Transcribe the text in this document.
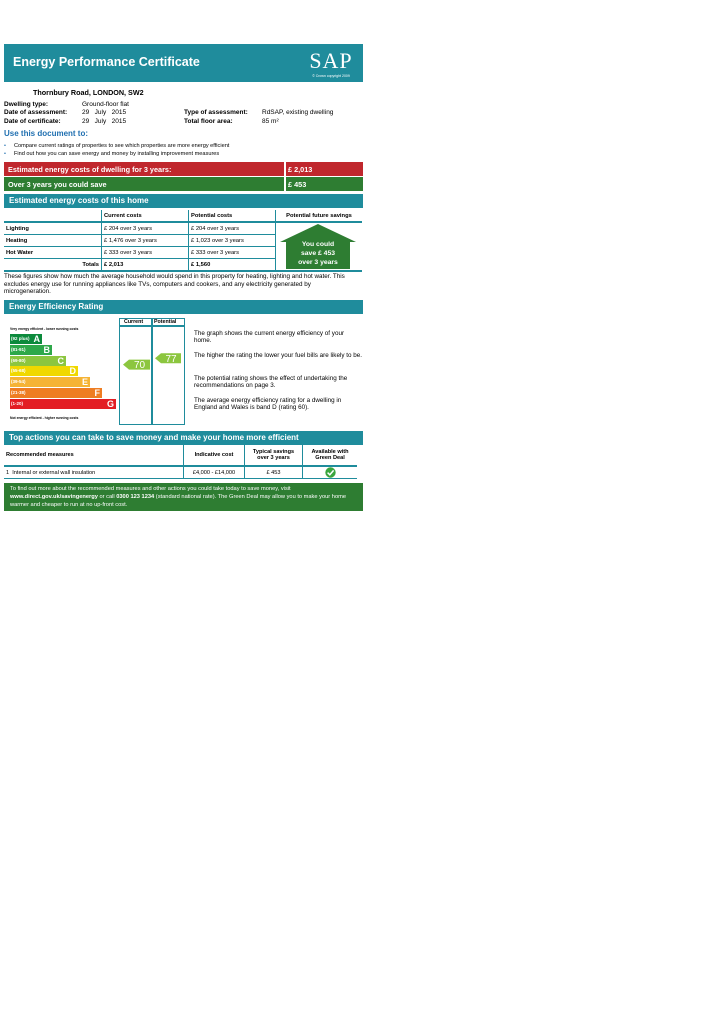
Energy Performance Certificate	SAP
© Crown copyright 2009
Thornbury Road, LONDON, SW2
Dwelling type:	Ground-floor flat
Date of assessment: 29   July   2015
Date of certificate:	29   July   2015
Type of assessment: RdSAP, existing dwelling
Total floor area:	85 m²
Use this document to:
• Compare current ratings of properties to see which properties are more energy efficient
• Find out how you can save energy and money by installing improvement measures
Estimated energy costs of dwelling for 3 years:	£ 2,013
Over 3 years you could save	£ 453
Estimated energy costs of this home
	Current costs	Potential costs	Potential future savings
Lighting	£ 204 over 3 years	£ 204 over 3 years	
Heating	£ 1,476 over 3 years	£ 1,023 over 3 years	
Hot Water	£ 333 over 3 years	£ 333 over 3 years	
Totals	£ 2,013	£ 1,560	
You could
save £ 453
over 3 years
These figures show how much the average household would spend in this property for heating, lighting and hot water. This excludes energy use for running appliances like TVs, computers and cookers, and any electricity generated by microgeneration.
Energy Efficiency Rating
Current Potential
Very energy efficient - lower running costs
(92 plus) A
(81-91) B
(69-80)	C
(55-68)	D
(39-54)	E
(21-38)	F
(1-20)	G
Not energy efficient - higher running costs
70
77
The graph shows the current energy efficiency of your home.
The higher the rating the lower your fuel bills are likely to be.
The potential rating shows the effect of undertaking the recommendations on page 3.
The average energy efficiency rating for a dwelling in England and Wales is band D (rating 60).
Top actions you can take to save money and make your home more efficient
Recommended measures	Indicative cost	Typical savings over 3 years	Available with Green Deal
1 Internal or external wall insulation	£4,000 - £14,000	£ 453	
To find out more about the recommended measures and other actions you could take today to save money, visit www.direct.gov.uk/savingenergy or call 0300 123 1234 (standard national rate). The Green Deal may allow you to make your home warmer and cheaper to run at no up-front cost.
